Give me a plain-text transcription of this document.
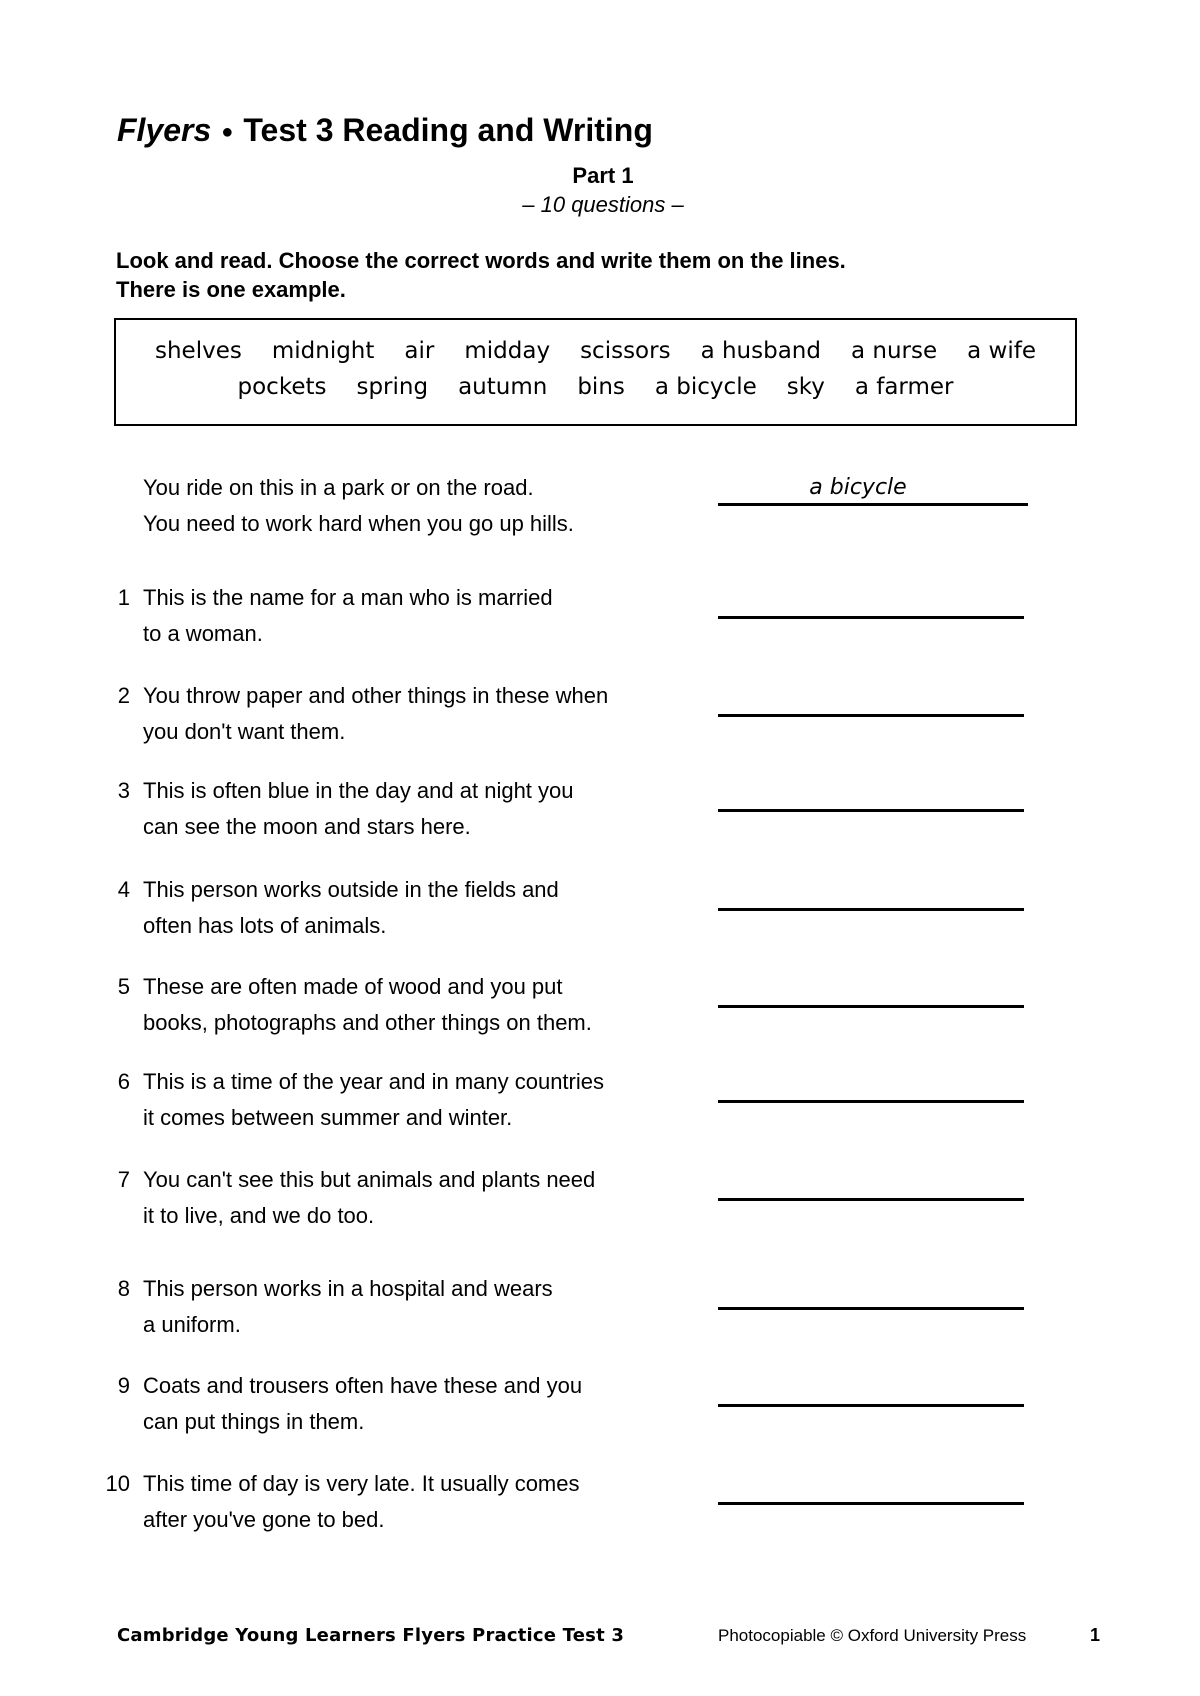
Flyers ● Test 3 Reading and Writing
Part 1
– 10 questions –
Look and read. Choose the correct words and write them on the lines.
There is one example.
shelves midnight air midday scissors a husband a nurse a wife
pockets spring autumn bins a bicycle sky a farmer
You ride on this in a park or on the road.
You need to work hard when you go up hills.
a bicycle
1 This is the name for a man who is married
to a woman.
2 You throw paper and other things in these when
you don't want them.
3 This is often blue in the day and at night you
can see the moon and stars here.
4 This person works outside in the fields and
often has lots of animals.
5 These are often made of wood and you put
books, photographs and other things on them.
6 This is a time of the year and in many countries
it comes between summer and winter.
7 You can't see this but animals and plants need
it to live, and we do too.
8 This person works in a hospital and wears
a uniform.
9 Coats and trousers often have these and you
can put things in them.
10 This time of day is very late. It usually comes
after you've gone to bed.
Cambridge Young Learners Flyers Practice Test 3	Photocopiable © Oxford University Press	1
